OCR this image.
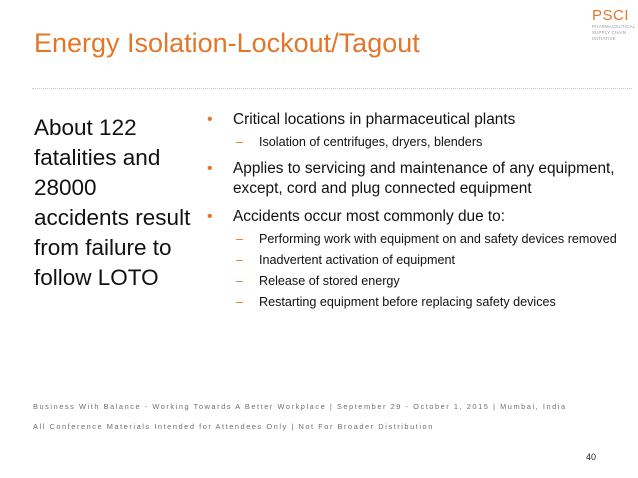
Energy Isolation-Lockout/Tagout
PSCI
PHARMACEUTICAL
SUPPLY CHAIN
INITIATIVE
About 122 fatalities and 28000 accidents result from failure to follow LOTO
• Critical locations in pharmaceutical plants
– Isolation of centrifuges, dryers, blenders
• Applies to servicing and maintenance of any equipment, except, cord and plug connected equipment
• Accidents occur most commonly due to:
– Performing work with equipment on and safety devices removed
– Inadvertent activation of equipment
– Release of stored energy
– Restarting equipment before replacing safety devices
Business With Balance - Working Towards A Better Workplace | September 29 - October 1, 2015 | Mumbai, India
All Conference Materials Intended for Attendees Only | Not For Broader Distribution
40
